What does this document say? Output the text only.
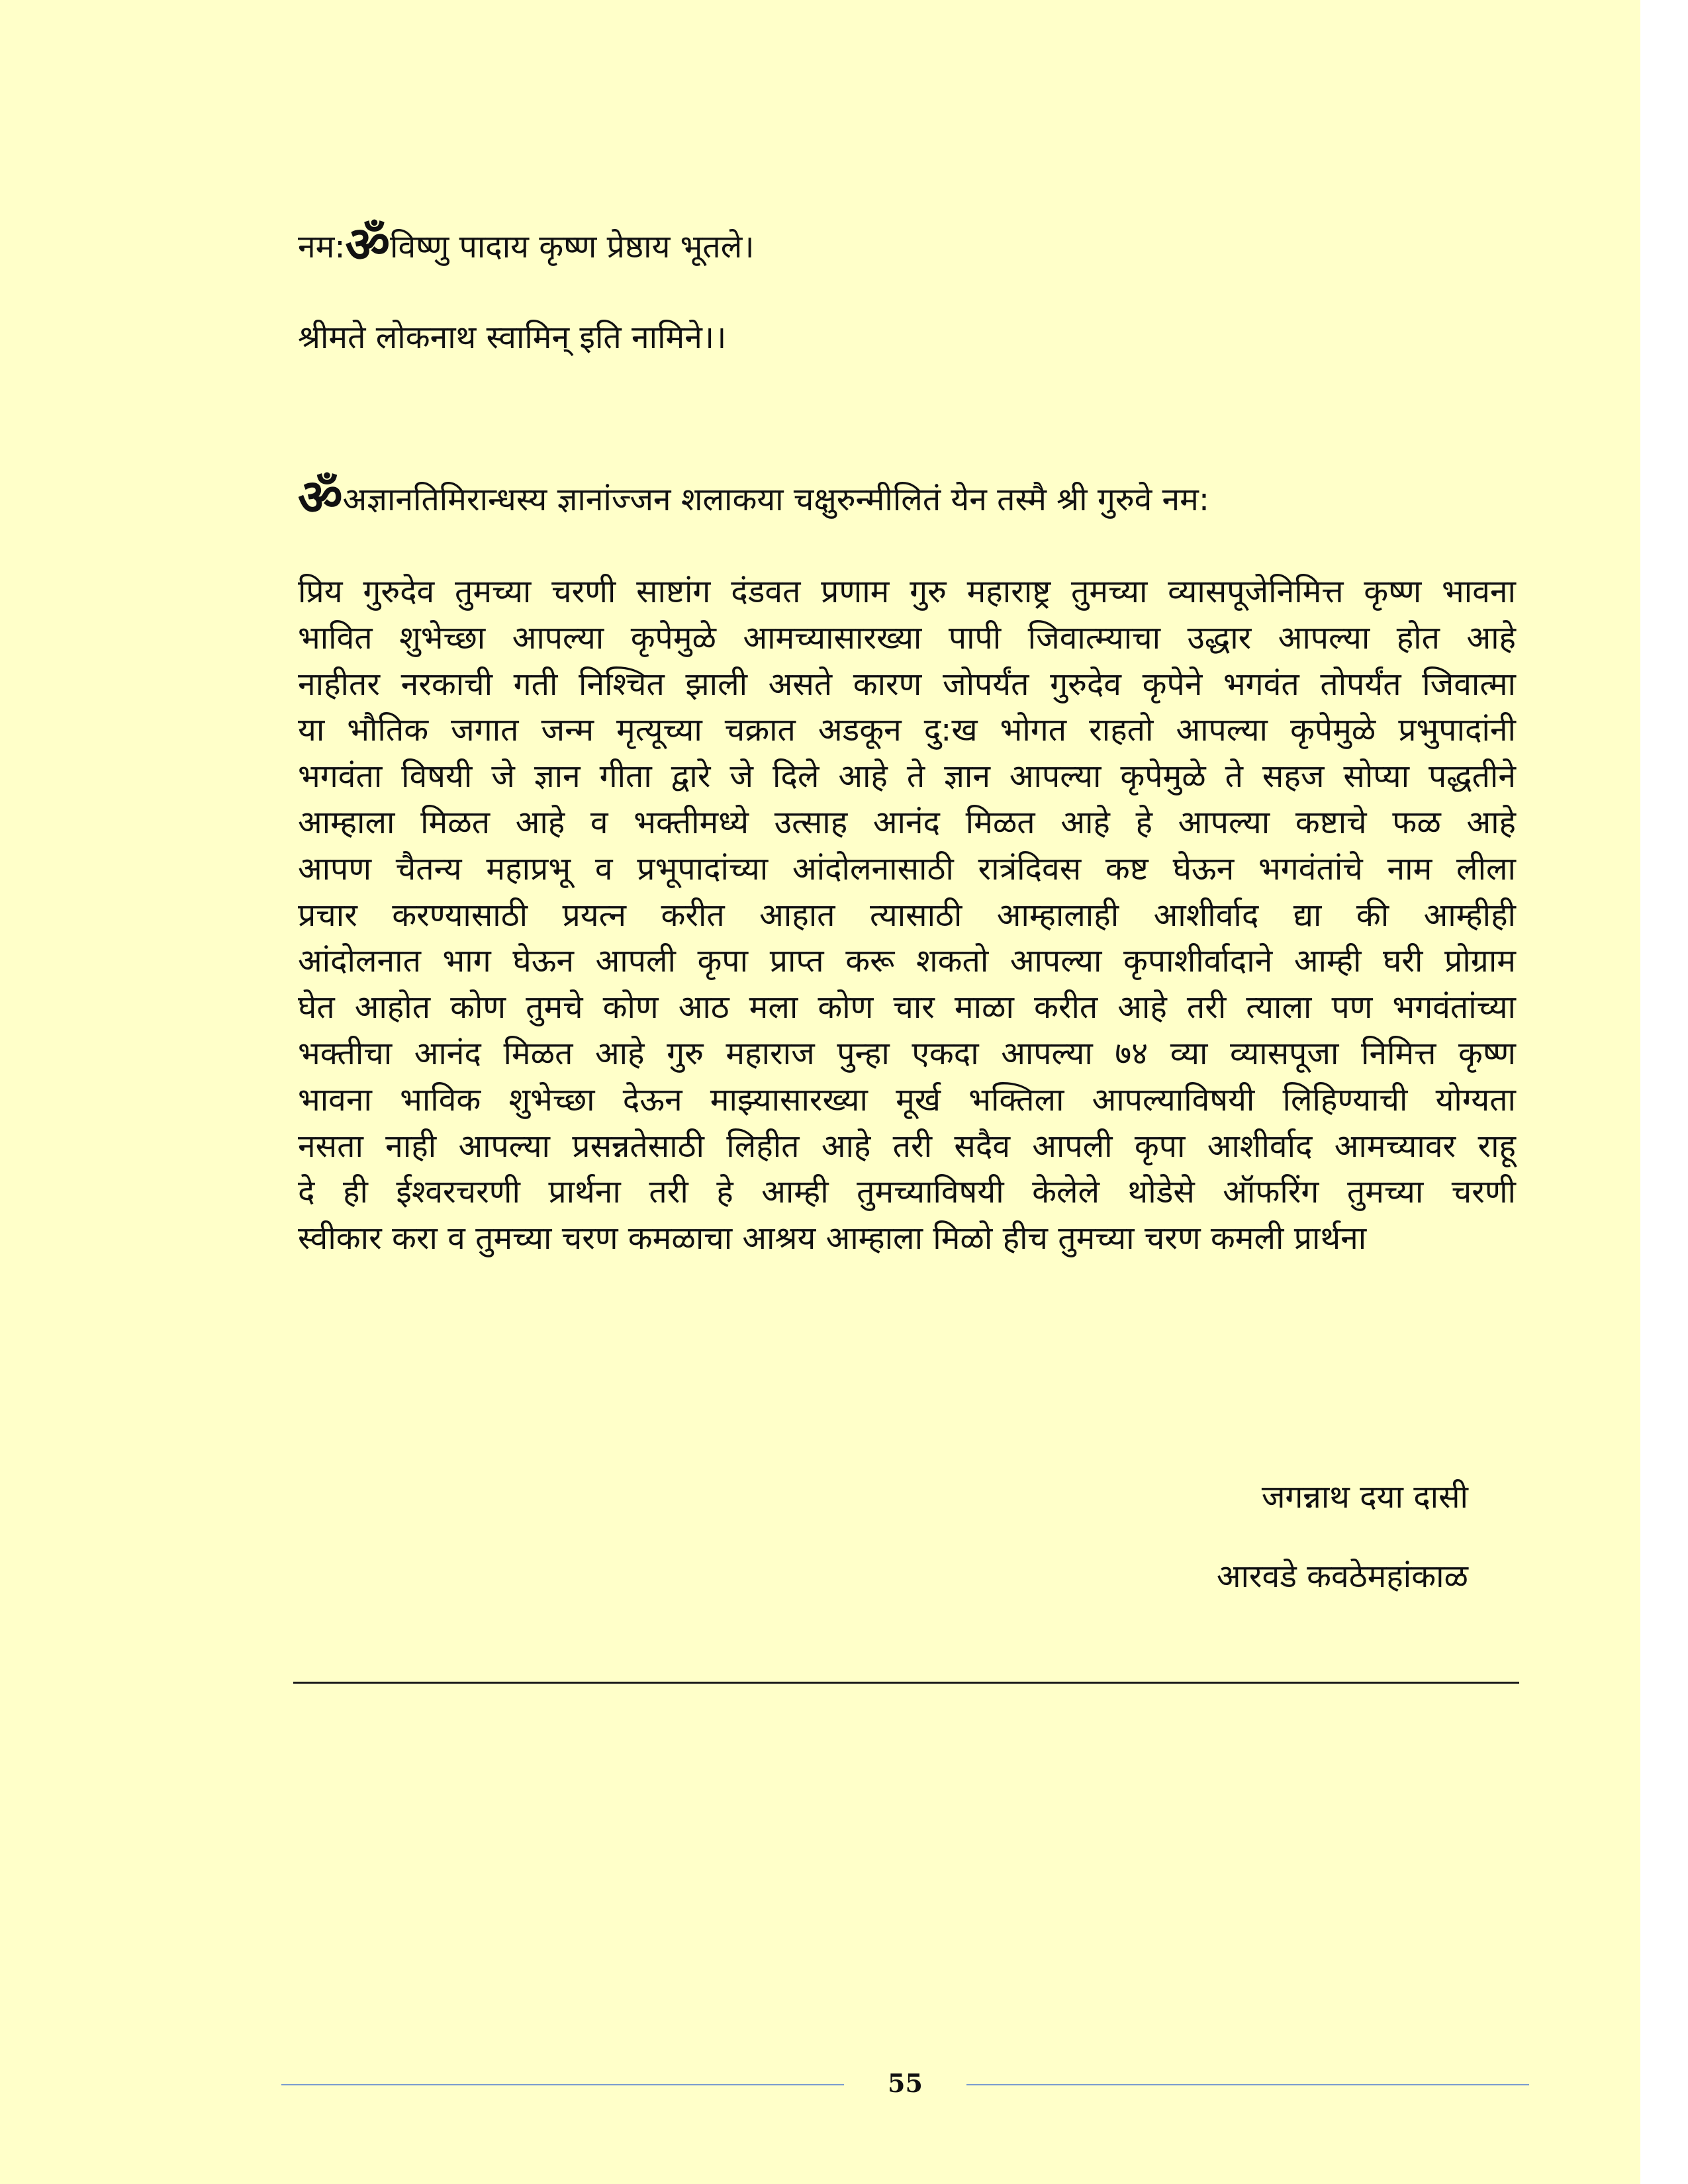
नम:ॐविष्णु पादाय कृष्ण प्रेष्ठाय भूतले।
श्रीमते लोकनाथ स्वामिन् इति नामिने।।
ॐअज्ञानतिमिरान्धस्य ज्ञानांज्जन शलाकया चक्षुरुन्मीलितं येन तस्मै श्री गुरुवे नम:
प्रिय गुरुदेव तुमच्या चरणी साष्टांग दंडवत प्रणाम गुरु महाराष्ट्र तुमच्या व्यासपूजेनिमित्त कृष्ण भावना
भावित शुभेच्छा आपल्या कृपेमुळे आमच्यासारख्या पापी जिवात्म्याचा उद्धार आपल्या होत आहे
नाहीतर नरकाची गती निश्चित झाली असते कारण जोपर्यंत गुरुदेव कृपेने भगवंत तोपर्यंत जिवात्मा
या भौतिक जगात जन्म मृत्यूच्या चक्रात अडकून दु:ख भोगत राहतो आपल्या कृपेमुळे प्रभुपादांनी
भगवंता विषयी जे ज्ञान गीता द्वारे जे दिले आहे ते ज्ञान आपल्या कृपेमुळे ते सहज सोप्या पद्धतीने
आम्हाला मिळत आहे व भक्तीमध्ये उत्साह आनंद मिळत आहे हे आपल्या कष्टाचे फळ आहे
आपण चैतन्य महाप्रभू व प्रभूपादांच्या आंदोलनासाठी रात्रंदिवस कष्ट घेऊन भगवंतांचे नाम लीला
प्रचार करण्यासाठी प्रयत्न करीत आहात त्यासाठी आम्हालाही आशीर्वाद द्या की आम्हीही
आंदोलनात भाग घेऊन आपली कृपा प्राप्त करू शकतो आपल्या कृपाशीर्वादाने आम्ही घरी प्रोग्राम
घेत आहोत कोण तुमचे कोण आठ मला कोण चार माळा करीत आहे तरी त्याला पण भगवंतांच्या
भक्तीचा आनंद मिळत आहे गुरु महाराज पुन्हा एकदा आपल्या ७४ व्या व्यासपूजा निमित्त कृष्ण
भावना भाविक शुभेच्छा देऊन माझ्यासारख्या मूर्ख भक्तिला आपल्याविषयी लिहिण्याची योग्यता
नसता नाही आपल्या प्रसन्नतेसाठी लिहीत आहे तरी सदैव आपली कृपा आशीर्वाद आमच्यावर राहू
दे ही ईश्वरचरणी प्रार्थना तरी हे आम्ही तुमच्याविषयी केलेले थोडेसे ऑफरिंग तुमच्या चरणी
स्वीकार करा व तुमच्या चरण कमळाचा आश्रय आम्हाला मिळो हीच तुमच्या चरण कमली प्रार्थना
जगन्नाथ दया दासी
आरवडे कवठेमहांकाळ
55
